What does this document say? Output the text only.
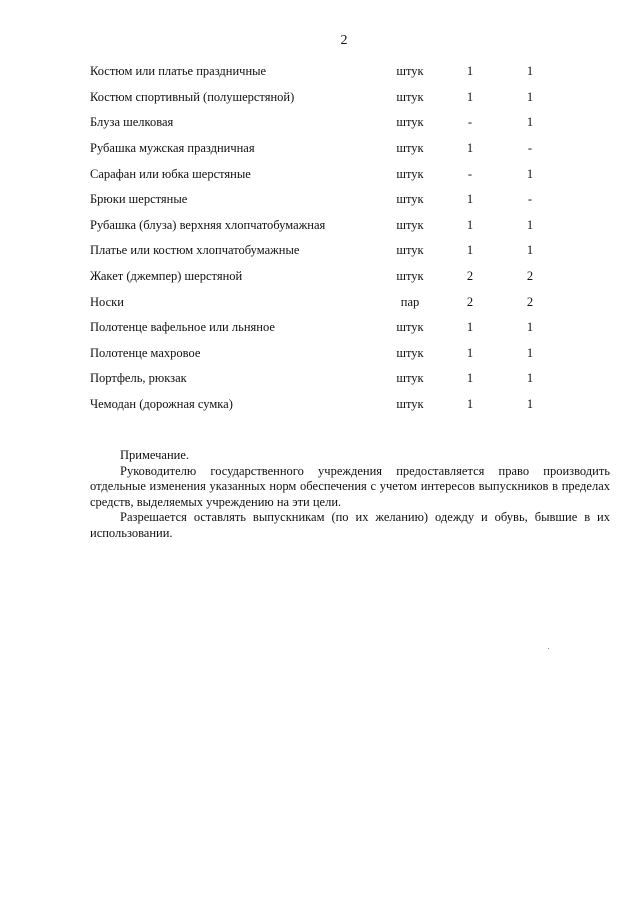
2
Костюм или платье праздничные	штук	1	1
Костюм спортивный (полушерстяной)	штук	1	1
Блуза шелковая	штук	-	1
Рубашка мужская праздничная	штук	1	-
Сарафан или юбка шерстяные	штук	-	1
Брюки шерстяные	штук	1	-
Рубашка (блуза) верхняя хлопчатобумажная	штук	1	1
Платье или костюм хлопчатобумажные	штук	1	1
Жакет (джемпер) шерстяной	штук	2	2
Носки	пар	2	2
Полотенце вафельное или льняное	штук	1	1
Полотенце махровое	штук	1	1
Портфель, рюкзак	штук	1	1
Чемодан (дорожная сумка)	штук	1	1

Примечание.

Руководителю государственного учреждения предоставляется право производить отдельные изменения указанных норм обеспечения с учетом интересов выпускников в пределах средств, выделяемых учреждению на эти цели.

Разрешается оставлять выпускникам (по их желанию) одежду и обувь, бывшие в их использовании.
